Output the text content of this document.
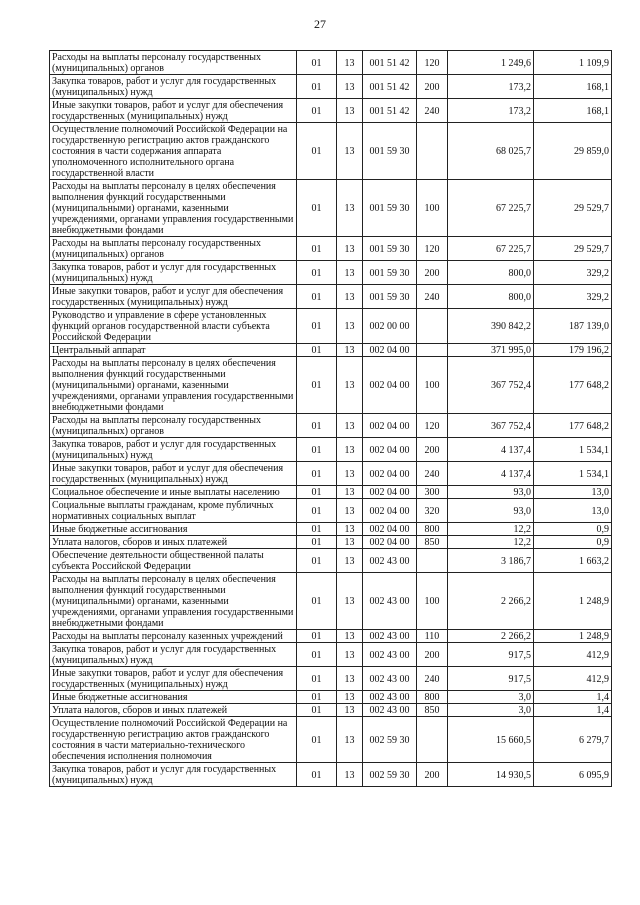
27
Расходы на выплаты персоналу государственных (муниципальных) органов	01	13	001 51 42	120	1 249,6	1 109,9
Закупка товаров, работ и услуг для государственных (муниципальных) нужд	01	13	001 51 42	200	173,2	168,1
Иные закупки товаров, работ и услуг для обеспечения государственных (муниципальных) нужд	01	13	001 51 42	240	173,2	168,1
Осуществление полномочий Российской Федерации на государственную регистрацию актов гражданского состояния в части содержания аппарата уполномоченного исполнительного органа государственной власти	01	13	001 59 30		68 025,7	29 859,0
Расходы на выплаты персоналу в целях обеспечения выполнения функций государственными (муниципальными) органами, казенными учреждениями, органами управления государственными внебюджетными фондами	01	13	001 59 30	100	67 225,7	29 529,7
Расходы на выплаты персоналу государственных (муниципальных) органов	01	13	001 59 30	120	67 225,7	29 529,7
Закупка товаров, работ и услуг для государственных (муниципальных) нужд	01	13	001 59 30	200	800,0	329,2
Иные закупки товаров, работ и услуг для обеспечения государственных (муниципальных) нужд	01	13	001 59 30	240	800,0	329,2
Руководство и управление в сфере установленных функций органов государственной власти субъекта Российской Федерации	01	13	002 00 00		390 842,2	187 139,0
Центральный аппарат	01	13	002 04 00		371 995,0	179 196,2
Расходы на выплаты персоналу в целях обеспечения выполнения функций государственными (муниципальными) органами, казенными учреждениями, органами управления государственными внебюджетными фондами	01	13	002 04 00	100	367 752,4	177 648,2
Расходы на выплаты персоналу государственных (муниципальных) органов	01	13	002 04 00	120	367 752,4	177 648,2
Закупка товаров, работ и услуг для государственных (муниципальных) нужд	01	13	002 04 00	200	4 137,4	1 534,1
Иные закупки товаров, работ и услуг для обеспечения государственных (муниципальных) нужд	01	13	002 04 00	240	4 137,4	1 534,1
Социальное обеспечение и иные выплаты населению	01	13	002 04 00	300	93,0	13,0
Социальные выплаты гражданам, кроме публичных нормативных социальных выплат	01	13	002 04 00	320	93,0	13,0
Иные бюджетные ассигнования	01	13	002 04 00	800	12,2	0,9
Уплата налогов, сборов и иных платежей	01	13	002 04 00	850	12,2	0,9
Обеспечение деятельности общественной палаты субъекта Российской Федерации	01	13	002 43 00		3 186,7	1 663,2
Расходы на выплаты персоналу в целях обеспечения выполнения функций государственными (муниципальными) органами, казенными учреждениями, органами управления государственными внебюджетными фондами	01	13	002 43 00	100	2 266,2	1 248,9
Расходы на выплаты персоналу казенных учреждений	01	13	002 43 00	110	2 266,2	1 248,9
Закупка товаров, работ и услуг для государственных (муниципальных) нужд	01	13	002 43 00	200	917,5	412,9
Иные закупки товаров, работ и услуг для обеспечения государственных (муниципальных) нужд	01	13	002 43 00	240	917,5	412,9
Иные бюджетные ассигнования	01	13	002 43 00	800	3,0	1,4
Уплата налогов, сборов и иных платежей	01	13	002 43 00	850	3,0	1,4
Осуществление полномочий Российской Федерации на государственную регистрацию актов гражданского состояния в части материально-технического обеспечения исполнения полномочия	01	13	002 59 30		15 660,5	6 279,7
Закупка товаров, работ и услуг для государственных (муниципальных) нужд	01	13	002 59 30	200	14 930,5	6 095,9
